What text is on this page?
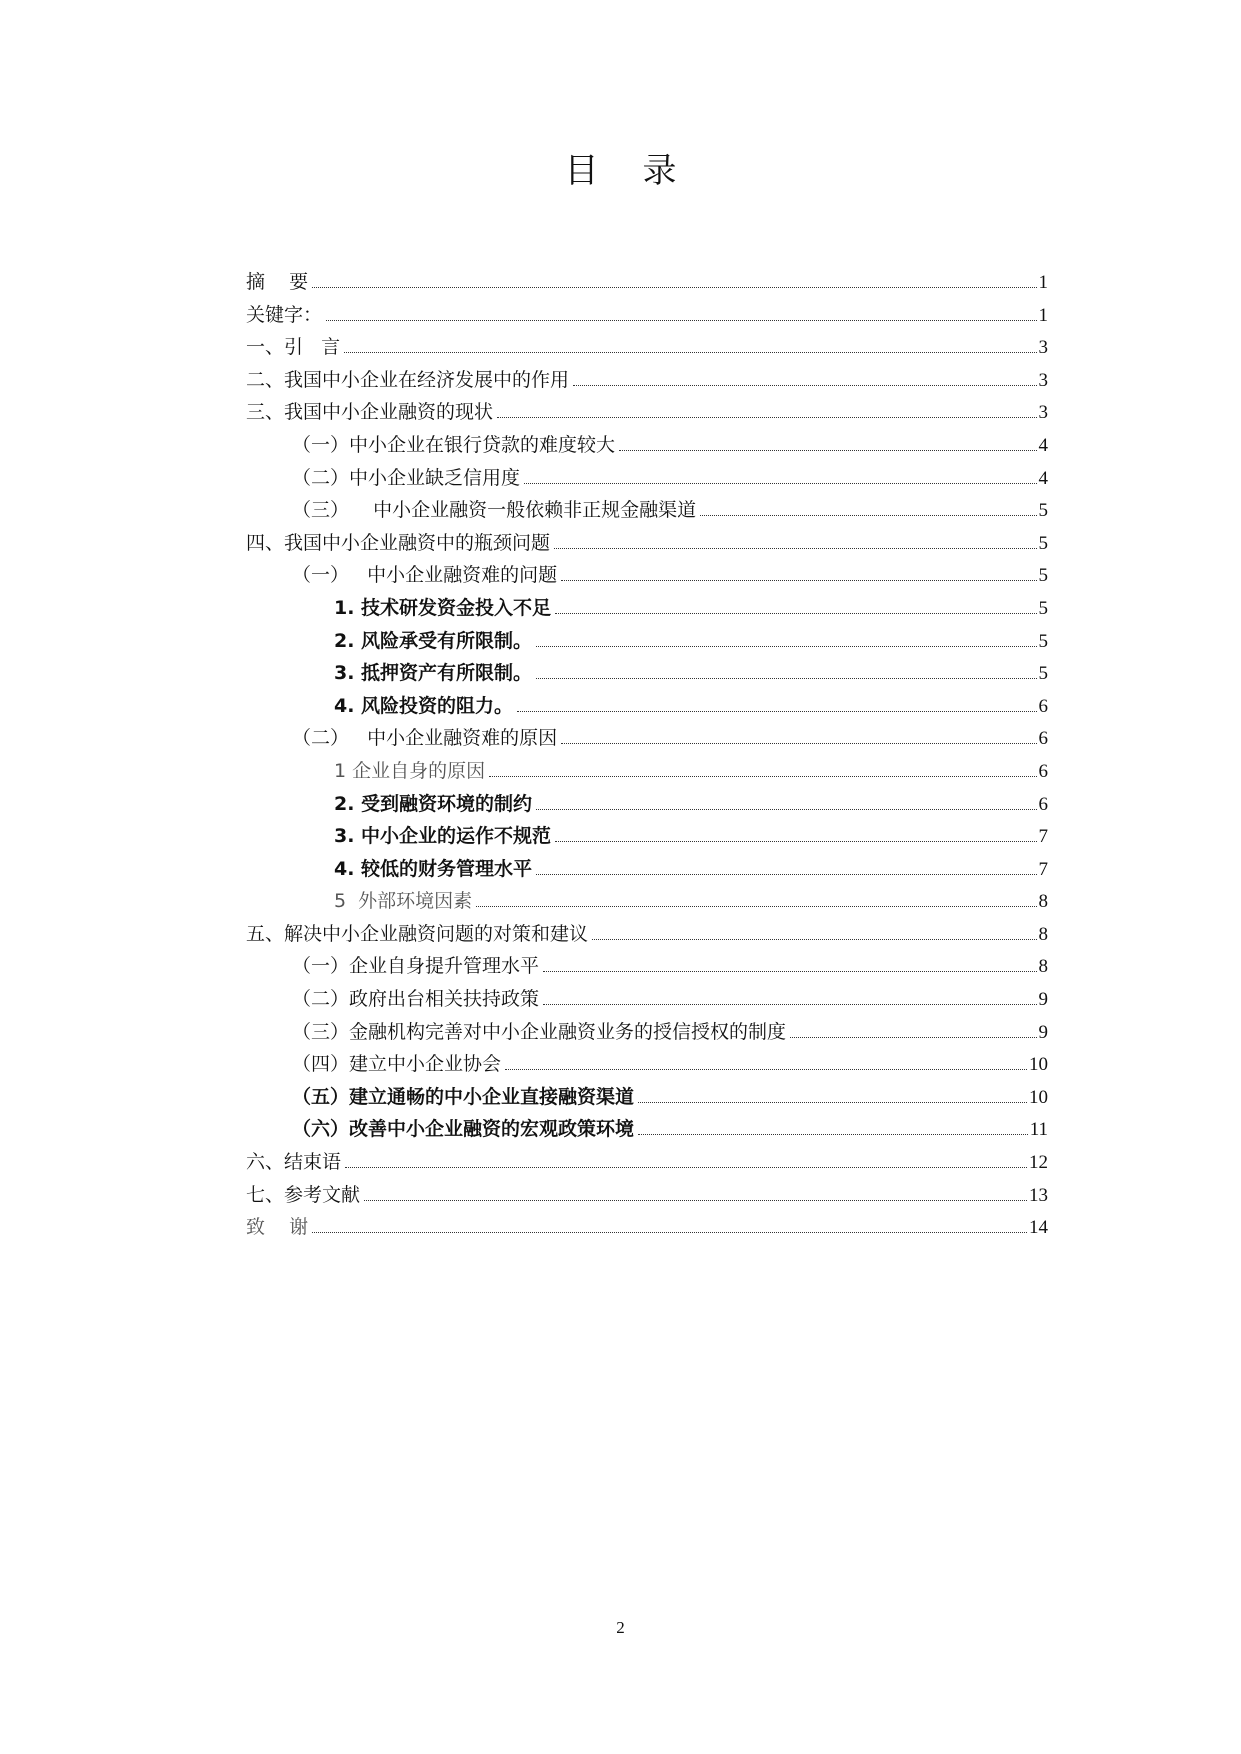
目录
摘    要	1
关键字：	1
一、引   言	3
二、我国中小企业在经济发展中的作用	3
三、我国中小企业融资的现状	3
（一）中小企业在银行贷款的难度较大	4
（二）中小企业缺乏信用度	4
（三）    中小企业融资一般依赖非正规金融渠道	5
四、我国中小企业融资中的瓶颈问题	5
（一）   中小企业融资难的问题	5
1. 技术研发资金投入不足	5
2. 风险承受有所限制。	5
3. 抵押资产有所限制。	5
4. 风险投资的阻力。	6
（二）   中小企业融资难的原因	6
1 企业自身的原因	6
2. 受到融资环境的制约	6
3. 中小企业的运作不规范	7
4. 较低的财务管理水平	7
5  外部环境因素	8
五、解决中小企业融资问题的对策和建议	8
（一）企业自身提升管理水平	8
（二）政府出台相关扶持政策	9
（三）金融机构完善对中小企业融资业务的授信授权的制度	9
（四）建立中小企业协会	10
（五）建立通畅的中小企业直接融资渠道	10
（六）改善中小企业融资的宏观政策环境	11
六、结束语	12
七、参考文献	13
致    谢	14
2
